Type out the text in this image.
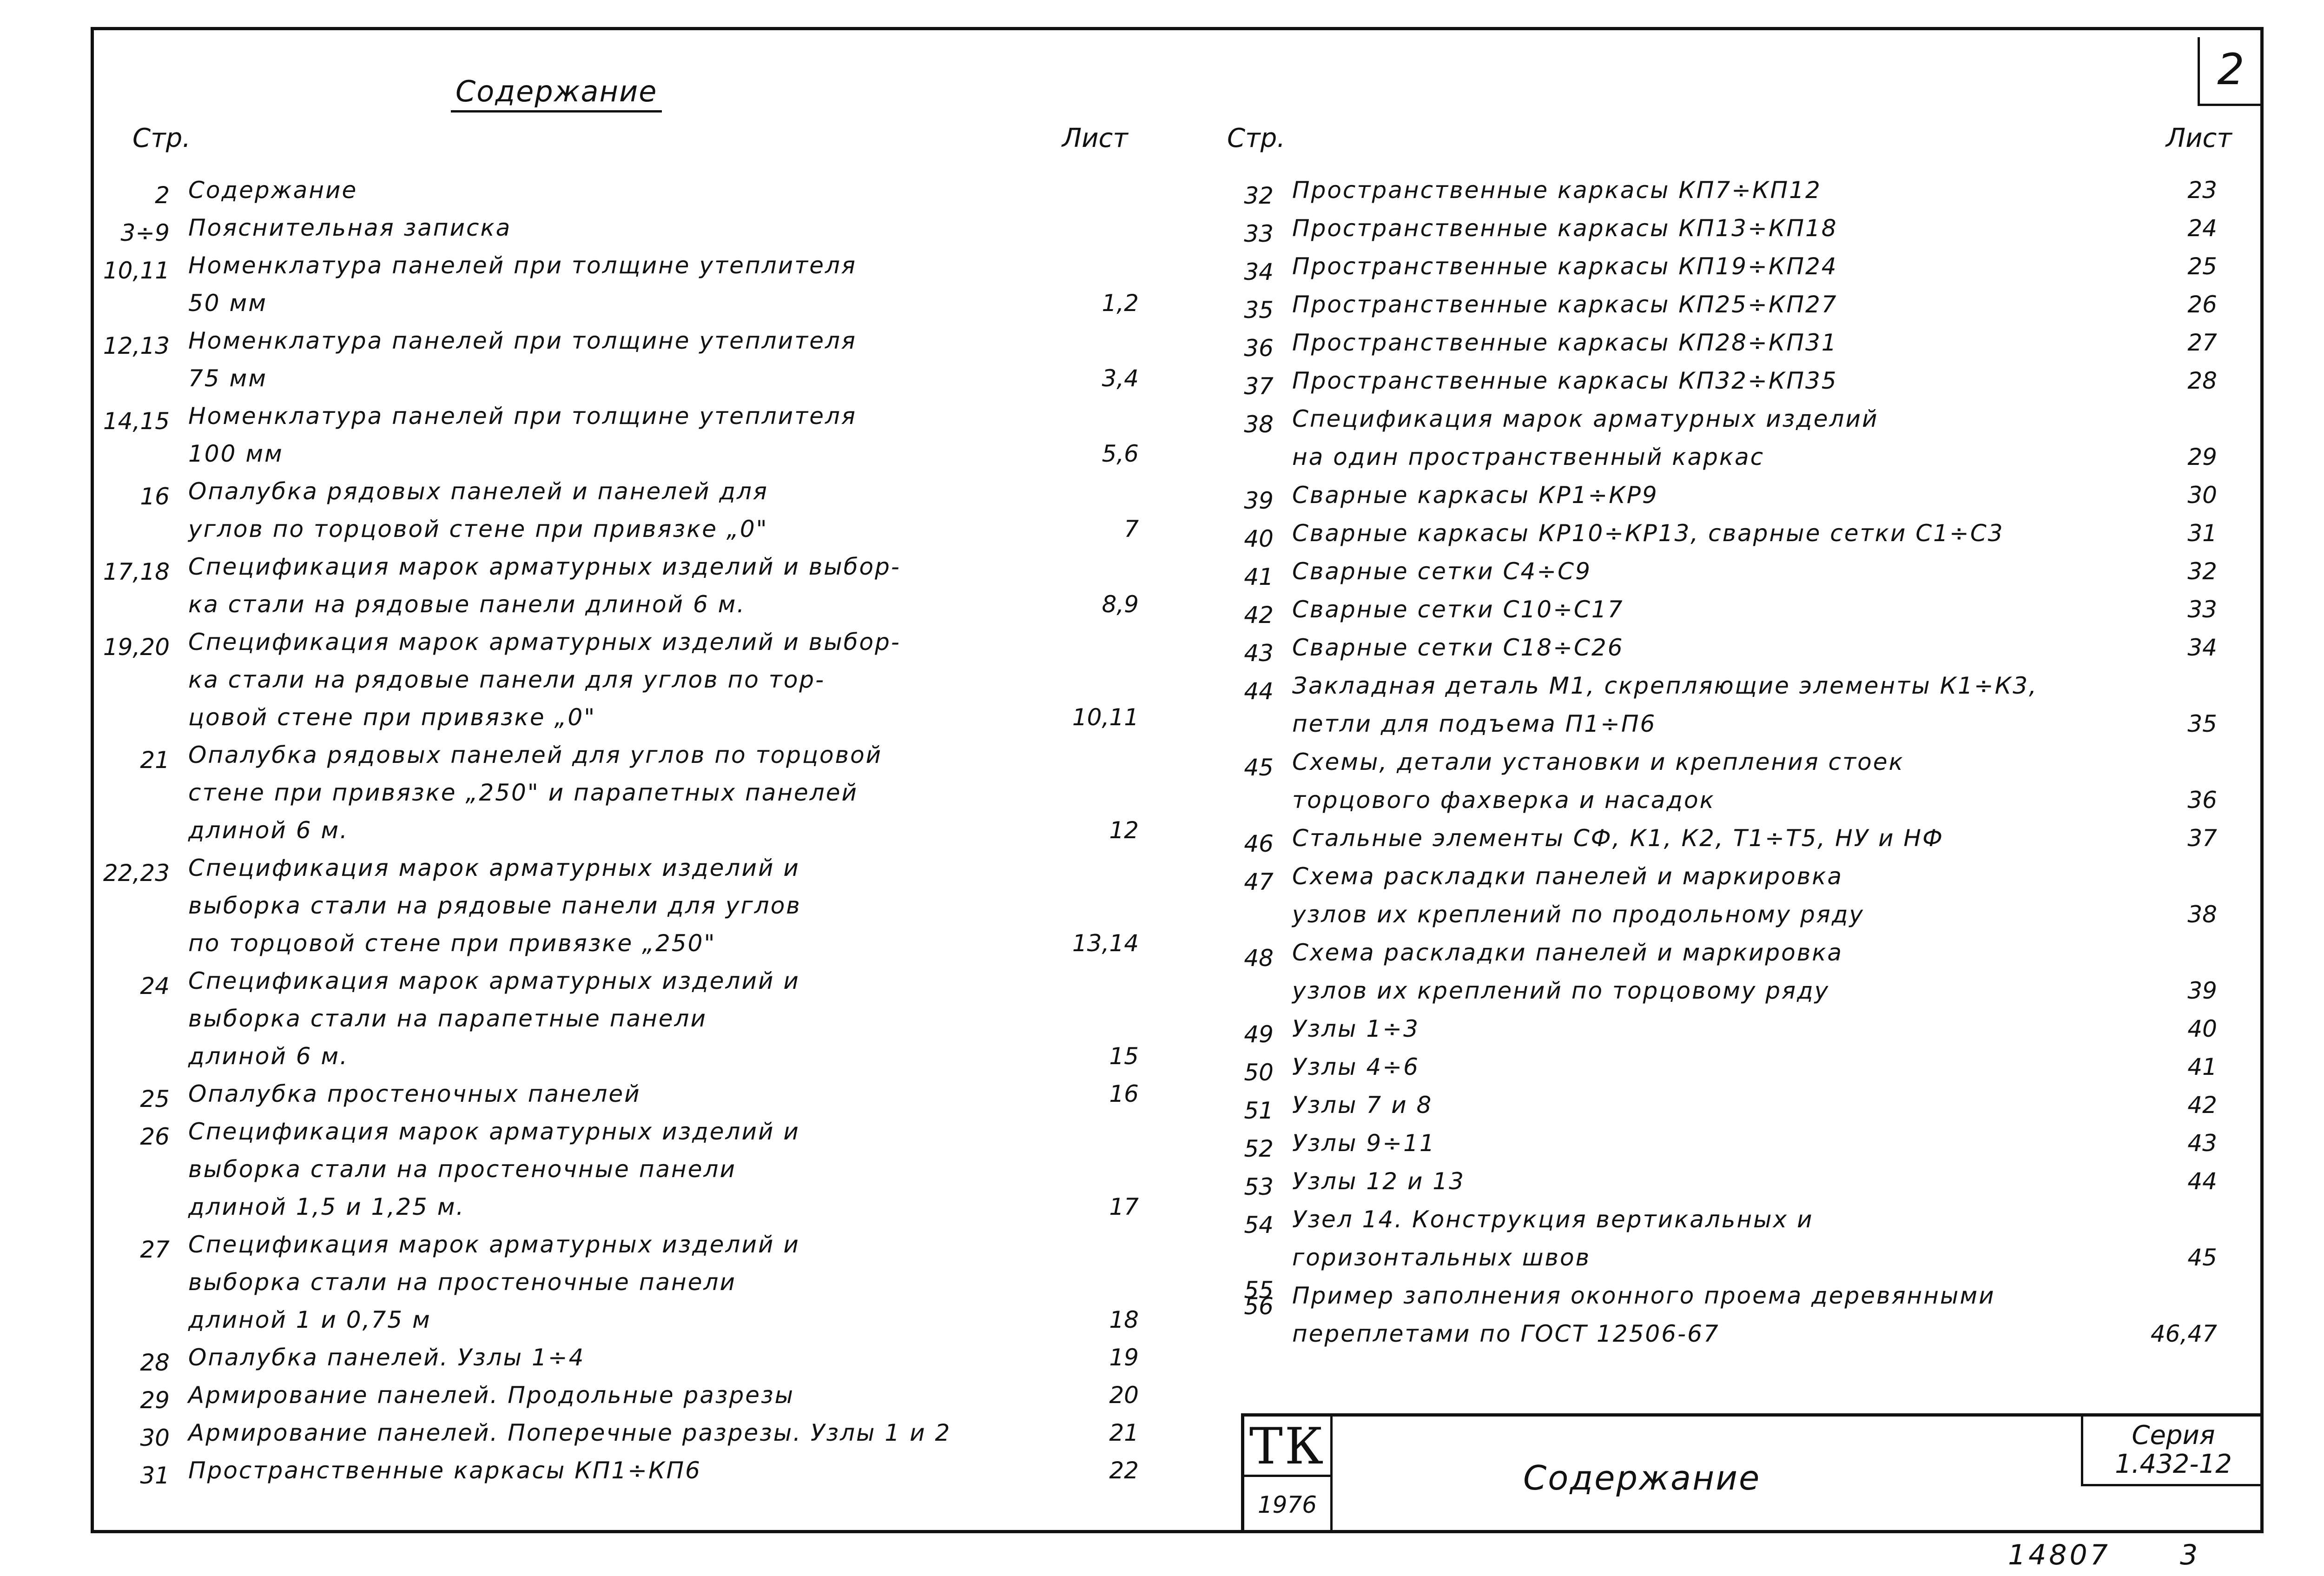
2
Содержание
Стр.	Лист	Стр.	Лист
2 Содержание
3÷9 Пояснительная записка
10,11 Номенклатура панелей при толщине утеплителя
50 мм	1,2
12,13 Номенклатура панелей при толщине утеплителя
75 мм	3,4
14,15 Номенклатура панелей при толщине утеплителя
100 мм	5,6
16 Опалубка рядовых панелей и панелей для
углов по торцовой стене при привязке „0"	7
17,18 Спецификация марок арматурных изделий и выбор-
ка стали на рядовые панели длиной 6 м.	8,9
19,20 Спецификация марок арматурных изделий и выбор-
ка стали на рядовые панели для углов по тор-
цовой стене при привязке „0"	10,11
21 Опалубка рядовых панелей для углов по торцовой
стене при привязке „250" и парапетных панелей
длиной 6 м.	12
22,23 Спецификация марок арматурных изделий и
выборка стали на рядовые панели для углов
по торцовой стене при привязке „250"	13,14
24 Спецификация марок арматурных изделий и
выборка стали на парапетные панели
длиной 6 м.	15
25 Опалубка простеночных панелей	16
26 Спецификация марок арматурных изделий и
выборка стали на простеночные панели
длиной 1,5 и 1,25 м.	17
27 Спецификация марок арматурных изделий и
выборка стали на простеночные панели
длиной 1 и 0,75 м	18
28 Опалубка панелей. Узлы 1÷4	19
29 Армирование панелей. Продольные разрезы	20
30 Армирование панелей. Поперечные разрезы. Узлы 1 и 2	21
31 Пространственные каркасы КП1÷КП6	22
32 Пространственные каркасы КП7÷КП12	23
33 Пространственные каркасы КП13÷КП18	24
34 Пространственные каркасы КП19÷КП24	25
35 Пространственные каркасы КП25÷КП27	26
36 Пространственные каркасы КП28÷КП31	27
37 Пространственные каркасы КП32÷КП35	28
38 Спецификация марок арматурных изделий
на один пространственный каркас	29
39 Сварные каркасы КР1÷КР9	30
40 Сварные каркасы КР10÷КР13, сварные сетки С1÷С3	31
41 Сварные сетки С4÷С9	32
42 Сварные сетки С10÷С17	33
43 Сварные сетки С18÷С26	34
44 Закладная деталь М1, скрепляющие элементы К1÷К3,
петли для подъема П1÷П6	35
45 Схемы, детали установки и крепления стоек
торцового фахверка и насадок	36
46 Стальные элементы СФ, К1, К2, Т1÷Т5, НУ и НФ	37
47 Схема раскладки панелей и маркировка
узлов их креплений по продольному ряду	38
48 Схема раскладки панелей и маркировка
узлов их креплений по торцовому ряду	39
49 Узлы 1÷3	40
50 Узлы 4÷6	41
51 Узлы 7 и 8	42
52 Узлы 9÷11	43
53 Узлы 12 и 13	44
54 Узел 14. Конструкция вертикальных и
горизонтальных швов	45
55
56 Пример заполнения оконного проема деревянными
переплетами по ГОСТ 12506-67	46,47
ТК
1976
Содержание
Серия
1.432-12
14807 3
